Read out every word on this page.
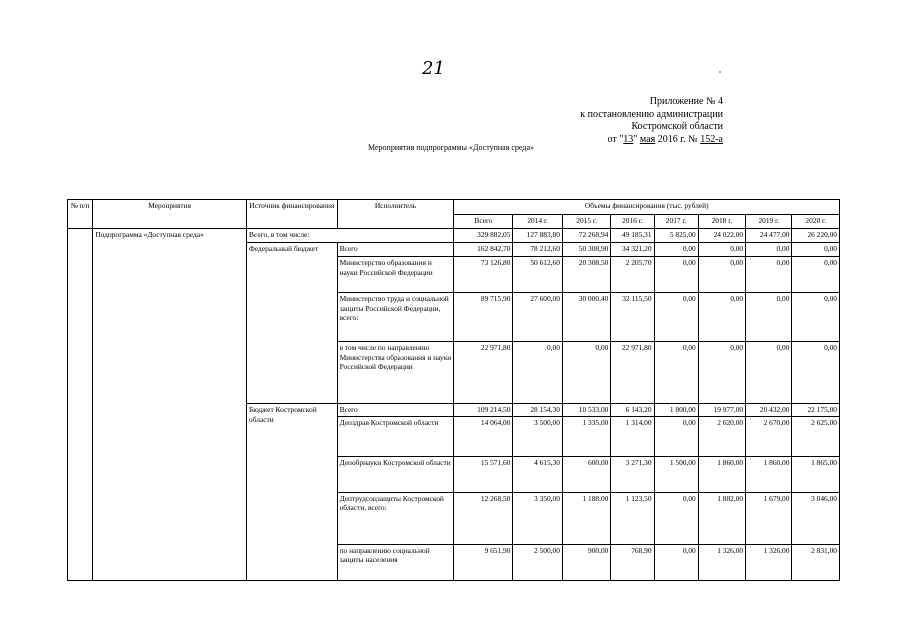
21
Приложение № 4
к постановлению администрации
Костромской области
от "13" мая 2016 г. № 152-а
Мероприятия подпрограммы «Доступная среда»
№ п/п	Мероприятия	Источник финансирования	Исполнитель	Объемы финансирования (тыс. рублей)							
				Всего	2014 г.	2015 г.	2016 г.	2017 г.	2018 г.	2019 г.	2020 г.
	Подпрограмма «Доступная среда»	Всего, в том числе:		329 882,05	127 883,80	72 268,94	49 185,31	5 825,00	24 022,00	24 477,00	26 220,00
		Федеральный бюджет	Всего	162 842,70	78 212,60	50 308,90	34 321,20	0,00	0,00	0,00	0,00
			Министерство образования и науки Российской Федерации	73 126,80	50 612,60	20 308,50	2 205,70	0,00	0,00	0,00	0,00
			Министерство труда и социальной защиты Российской Федерации, всего:	89 715,90	27 600,00	30 000,40	32 115,50	0,00	0,00	0,00	0,00
			в том числе по направлению Министерства образования и науки Российской Федерации	22 971,80	0,00	0,00	22 971,80	0,00	0,00	0,00	0,00
		Бюджет Костромской области	Всего	109 214,50	28 154,30	10 533,00	6 143,20	1 800,00	19 977,00	20 432,00	22 175,00
			Депздрав Костромской области	14 064,00	3 500,00	1 335,00	1 314,00	0,00	2 620,00	2 670,00	2 625,00
			Депобрнауки Костромской области	15 571,60	4 615,30	600,00	3 271,30	1 500,00	1 860,00	1 860,00	1 865,00
			Дептрудсоцзащиты Костромской области, всего:	12 268,50	3 350,00	1 188,00	1 123,50	0,00	1 882,00	1 679,00	3 046,00
			по направлению социальной защиты населения	9 651,90	2 500,00	900,00	768,90	0,00	1 326,00	1 326,00	2 831,00
